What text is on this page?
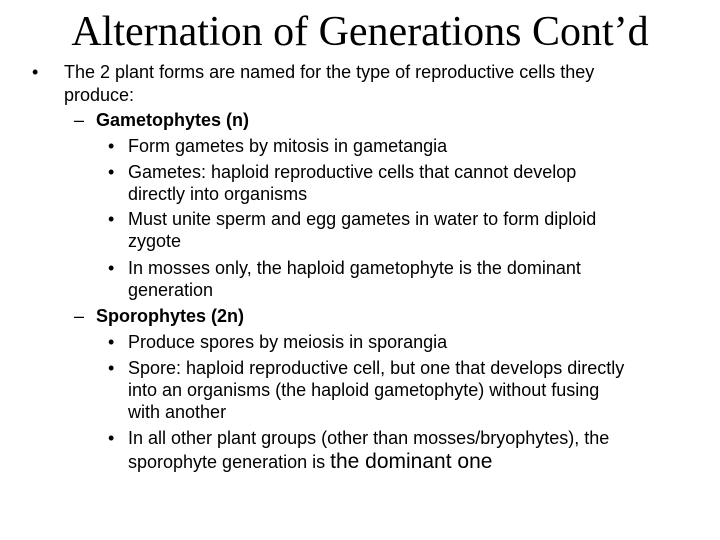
Alternation of Generations Cont’d
• The 2 plant forms are named for the type of reproductive cells they
produce:
– Gametophytes (n)
• Form gametes by mitosis in gametangia
• Gametes: haploid reproductive cells that cannot develop
directly into organisms
• Must unite sperm and egg gametes in water to form diploid
zygote
• In mosses only, the haploid gametophyte is the dominant
generation
– Sporophytes (2n)
• Produce spores by meiosis in sporangia
• Spore: haploid reproductive cell, but one that develops directly
into an organisms (the haploid gametophyte) without fusing
with another
• In all other plant groups (other than mosses/bryophytes), the
sporophyte generation is the dominant one
